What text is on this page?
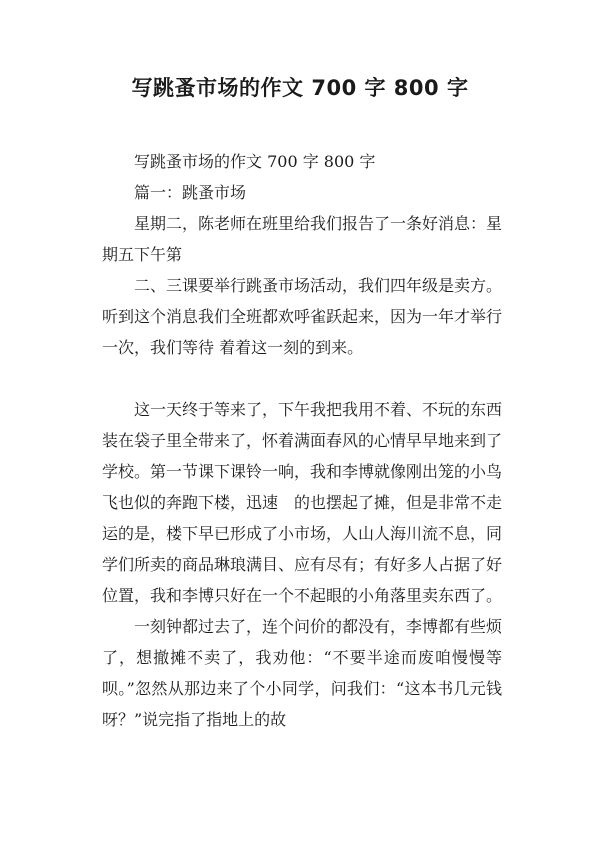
写跳蚤市场的作文 700 字 800 字

写跳蚤市场的作文 700 字 800 字

篇一：跳蚤市场

星期二，陈老师在班里给我们报告了一条好消息：星期五下午第

二、三课要举行跳蚤市场活动，我们四年级是卖方。听到这个消息我们全班都欢呼雀跃起来，因为一年才举行一次，我们等待 着着这一刻的到来。

这一天终于等来了，下午我把我用不着、不玩的东西装在袋子里全带来了，怀着满面春风的心情早早地来到了学校。第一节课下课铃一响，我和李博就像刚出笼的小鸟飞也似的奔跑下楼，迅速　的也摆起了摊，但是非常不走运的是，楼下早已形成了小市场，人山人海川流不息，同学们所卖的商品琳琅满目、应有尽有；有好多人占据了好位置，我和李博只好在一个不起眼的小角落里卖东西了。

一刻钟都过去了，连个问价的都没有，李博都有些烦了，想撤摊不卖了，我劝他：“不要半途而废咱慢慢等呗。”忽然从那边来了个小同学，问我们：“这本书几元钱呀？”说完指了指地上的故
